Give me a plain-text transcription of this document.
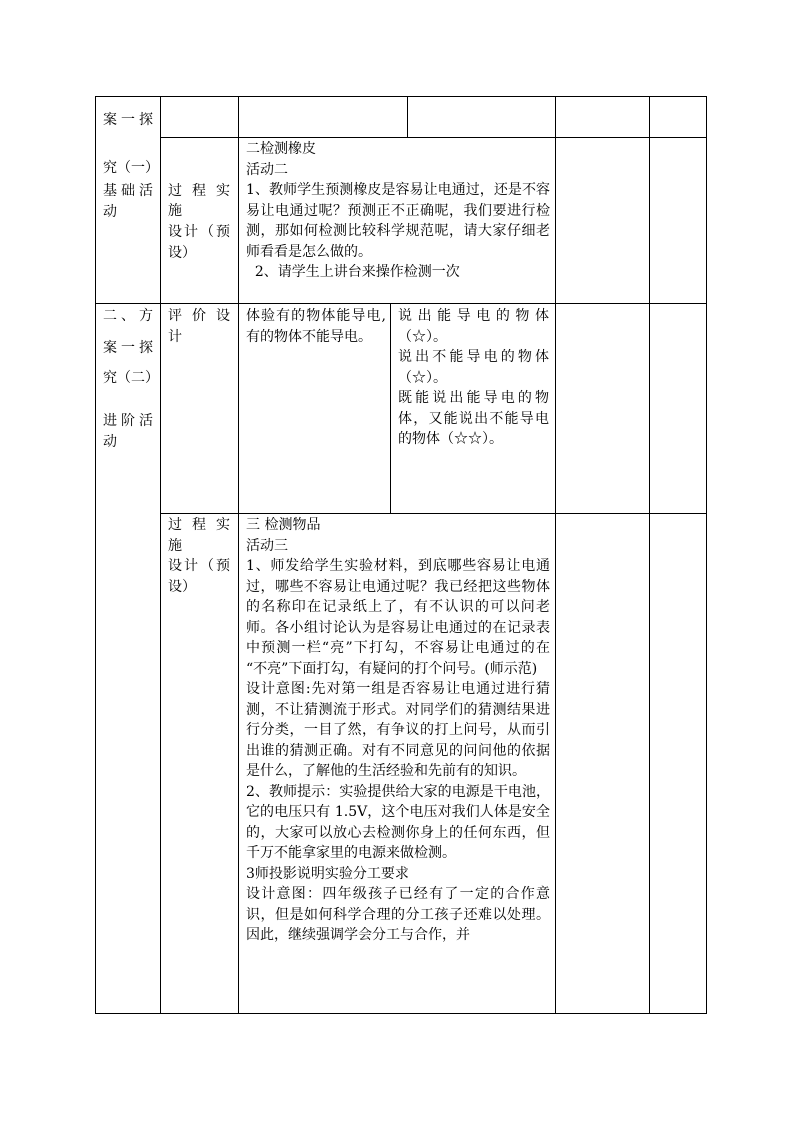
案一探
究（一）
基础活
动
二、方
案一探
究（二）
进阶活
动
过 程 实
施
设计（预
设）
评 价 设
计
过 程 实
施
设计（预
设）
二检测橡皮
活动二
1、教师学生预测橡皮是容易让电通过，还是不容易让电通过呢？预测正不正确呢，我们要进行检测，那如何检测比较科学规范呢，请大家仔细老师看看是怎么做的。
2、请学生上讲台来操作检测一次
体验有的物体能导电,有的物体不能导电。
说出能导电的物体（☆）。
说出不能导电的物体（☆）。
既能说出能导电的物体，又能说出不能导电的物体（☆☆）。
三 检测物品
活动三
1、师发给学生实验材料，到底哪些容易让电通过，哪些不容易让电通过呢？我已经把这些物体的名称印在记录纸上了，有不认识的可以问老师。各小组讨论认为是容易让电通过的在记录表中预测一栏“亮”下打勾，不容易让电通过的在 “不亮”下面打勾，有疑问的打个问号。(师示范)
设计意图:先对第一组是否容易让电通过进行猜测，不让猜测流于形式。对同学们的猜测结果进行分类，一目了然，有争议的打上问号，从而引出谁的猜测正确。对有不同意见的问问他的依据是什么，了解他的生活经验和先前有的知识。
2、教师提示：实验提供给大家的电源是干电池，它的电压只有 1.5V，这个电压对我们人体是安全的，大家可以放心去检测你身上的任何东西，但千万不能拿家里的电源来做检测。
3师投影说明实验分工要求
设计意图：四年级孩子已经有了一定的合作意识，但是如何科学合理的分工孩子还难以处理。因此，继续强调学会分工与合作，并
